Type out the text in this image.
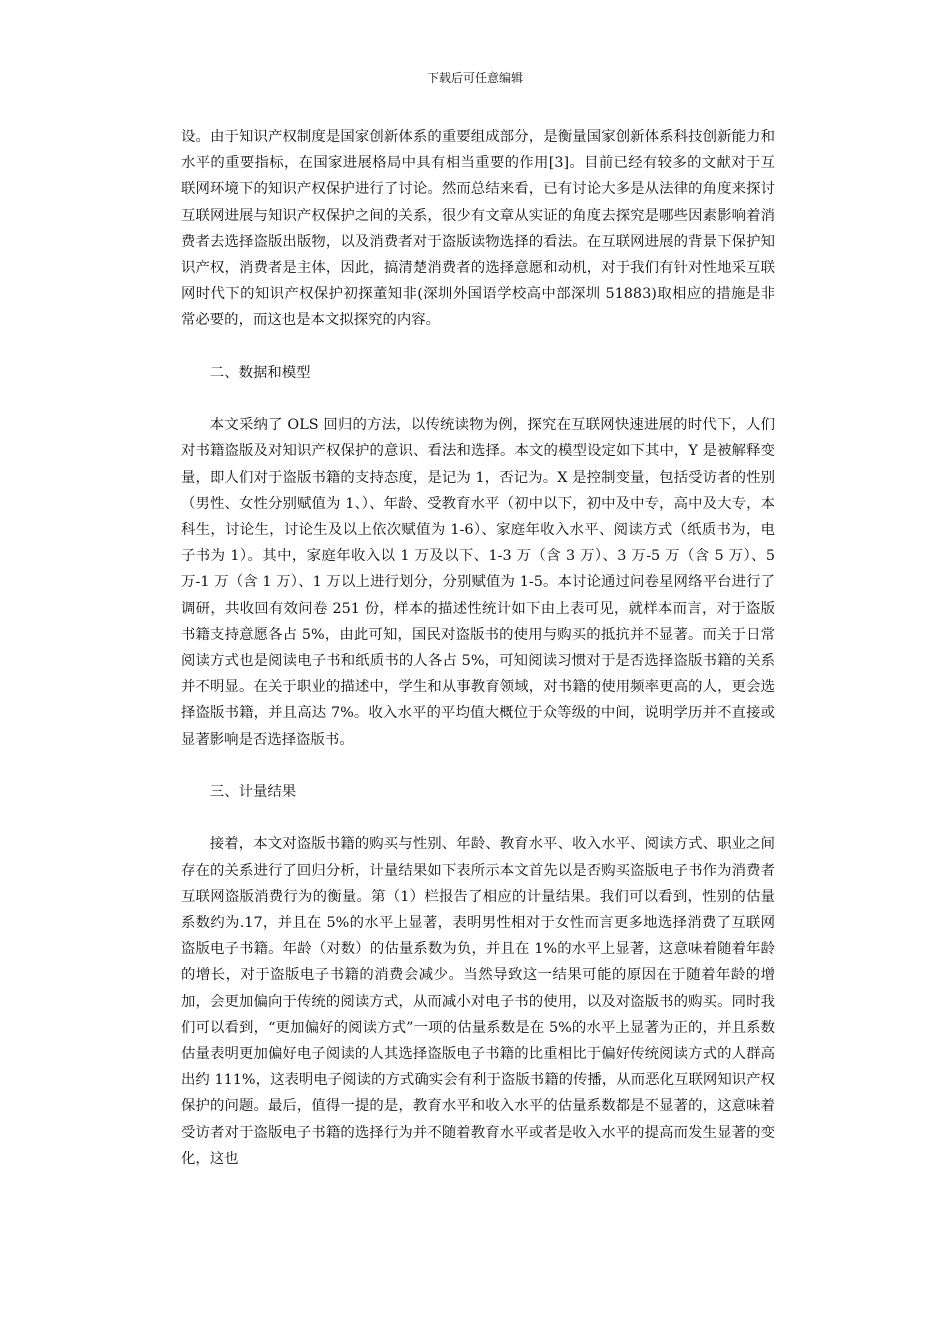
下载后可任意编辑

设。由于知识产权制度是国家创新体系的重要组成部分，是衡量国家创新体系科技创新能力和水平的重要指标，在国家进展格局中具有相当重要的作用[3]。目前已经有较多的文献对于互联网环境下的知识产权保护进行了讨论。然而总结来看，已有讨论大多是从法律的角度来探讨互联网进展与知识产权保护之间的关系，很少有文章从实证的角度去探究是哪些因素影响着消费者去选择盗版出版物，以及消费者对于盗版读物选择的看法。在互联网进展的背景下保护知识产权，消费者是主体，因此，搞清楚消费者的选择意愿和动机，对于我们有针对性地采互联网时代下的知识产权保护初探董知非(深圳外国语学校高中部深圳 51883)取相应的措施是非常必要的，而这也是本文拟探究的内容。

二、数据和模型

本文采纳了 OLS 回归的方法，以传统读物为例，探究在互联网快速进展的时代下，人们对书籍盗版及对知识产权保护的意识、看法和选择。本文的模型设定如下其中，Y 是被解释变量，即人们对于盗版书籍的支持态度，是记为 1，否记为。X 是控制变量，包括受访者的性别（男性、女性分别赋值为 1、）、年龄、受教育水平（初中以下，初中及中专，高中及大专，本科生，讨论生，讨论生及以上依次赋值为 1-6）、家庭年收入水平、阅读方式（纸质书为，电子书为 1）。其中，家庭年收入以 1 万及以下、1-3 万（含 3 万）、3 万-5 万（含 5 万）、5 万-1 万（含 1 万）、1 万以上进行划分，分别赋值为 1-5。本讨论通过问卷星网络平台进行了调研，共收回有效问卷 251 份，样本的描述性统计如下由上表可见，就样本而言，对于盗版书籍支持意愿各占 5%，由此可知，国民对盗版书的使用与购买的抵抗并不显著。而关于日常阅读方式也是阅读电子书和纸质书的人各占 5%，可知阅读习惯对于是否选择盗版书籍的关系并不明显。在关于职业的描述中，学生和从事教育领域，对书籍的使用频率更高的人，更会选择盗版书籍，并且高达 7%。收入水平的平均值大概位于众等级的中间，说明学历并不直接或显著影响是否选择盗版书。

三、计量结果

接着，本文对盗版书籍的购买与性别、年龄、教育水平、收入水平、阅读方式、职业之间存在的关系进行了回归分析，计量结果如下表所示本文首先以是否购买盗版电子书作为消费者互联网盗版消费行为的衡量。第（1）栏报告了相应的计量结果。我们可以看到，性别的估量系数约为.17，并且在 5%的水平上显著，表明男性相对于女性而言更多地选择消费了互联网盗版电子书籍。年龄（对数）的估量系数为负，并且在 1%的水平上显著，这意味着随着年龄的增长，对于盗版电子书籍的消费会减少。当然导致这一结果可能的原因在于随着年龄的增加，会更加偏向于传统的阅读方式，从而减小对电子书的使用，以及对盗版书的购买。同时我们可以看到，“更加偏好的阅读方式”一项的估量系数是在 5%的水平上显著为正的，并且系数估量表明更加偏好电子阅读的人其选择盗版电子书籍的比重相比于偏好传统阅读方式的人群高出约 111%，这表明电子阅读的方式确实会有利于盗版书籍的传播，从而恶化互联网知识产权保护的问题。最后，值得一提的是，教育水平和收入水平的估量系数都是不显著的，这意味着受访者对于盗版电子书籍的选择行为并不随着教育水平或者是收入水平的提高而发生显著的变化，这也
